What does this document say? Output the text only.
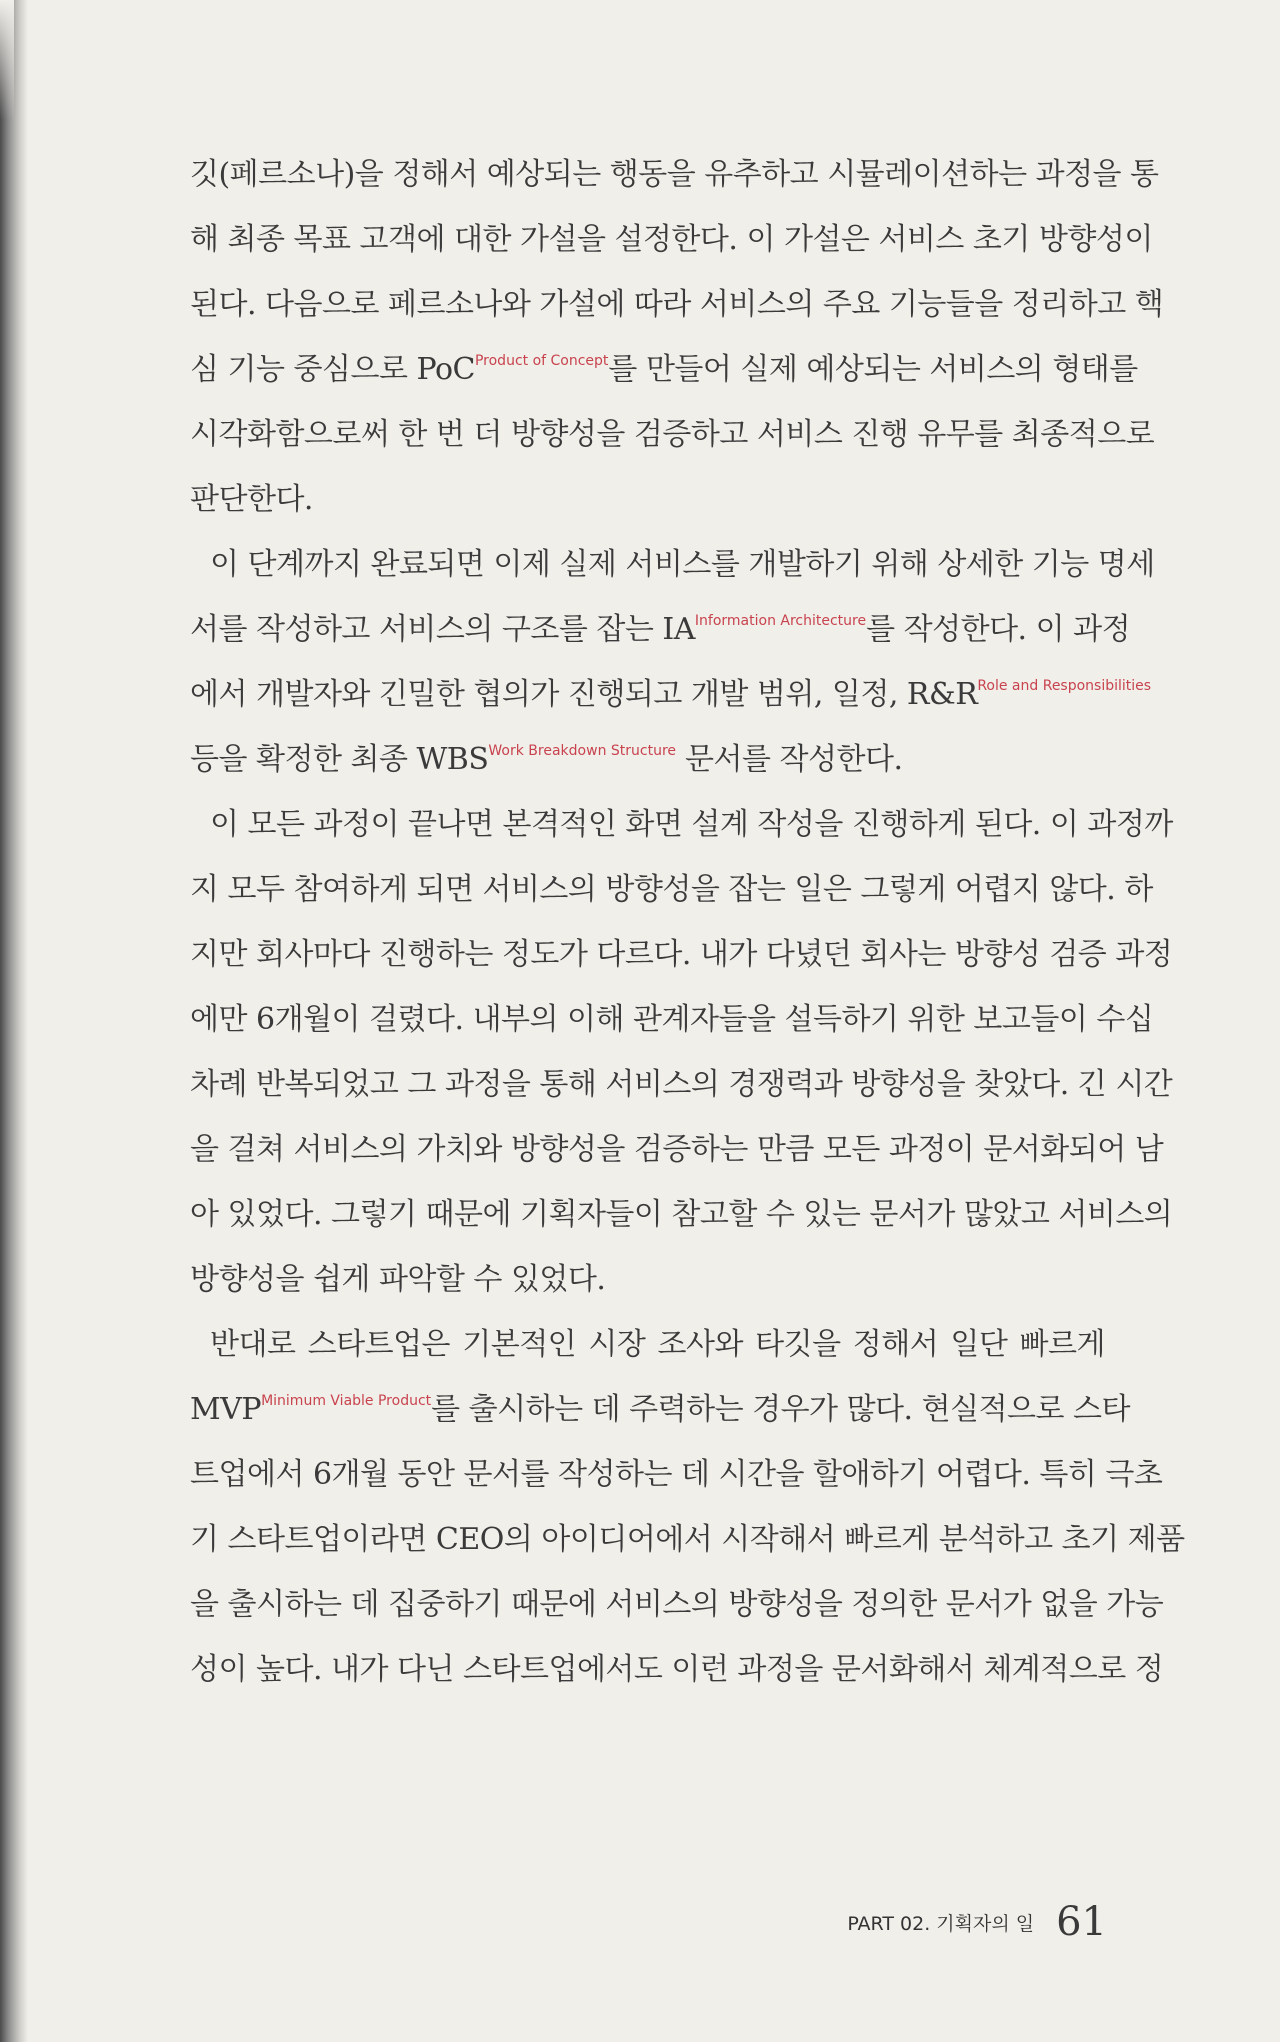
깃(페르소나)을 정해서 예상되는 행동을 유추하고 시뮬레이션하는 과정을 통
해 최종 목표 고객에 대한 가설을 설정한다. 이 가설은 서비스 초기 방향성이
된다. 다음으로 페르소나와 가설에 따라 서비스의 주요 기능들을 정리하고 핵
심 기능 중심으로 PoC$^{Product of Concept}$를 만들어 실제 예상되는 서비스의 형태를
시각화함으로써 한 번 더 방향성을 검증하고 서비스 진행 유무를 최종적으로
판단한다.
이 단계까지 완료되면 이제 실제 서비스를 개발하기 위해 상세한 기능 명세
서를 작성하고 서비스의 구조를 잡는 IA$^{Information Architecture}$를 작성한다. 이 과정
에서 개발자와 긴밀한 협의가 진행되고 개발 범위, 일정, R&R$^{Role and Responsibilities}$
등을 확정한 최종 WBS$^{Work Breakdown Structure}$ 문서를 작성한다.
이 모든 과정이 끝나면 본격적인 화면 설계 작성을 진행하게 된다. 이 과정까
지 모두 참여하게 되면 서비스의 방향성을 잡는 일은 그렇게 어렵지 않다. 하
지만 회사마다 진행하는 정도가 다르다. 내가 다녔던 회사는 방향성 검증 과정
에만 6개월이 걸렸다. 내부의 이해 관계자들을 설득하기 위한 보고들이 수십
차례 반복되었고 그 과정을 통해 서비스의 경쟁력과 방향성을 찾았다. 긴 시간
을 걸쳐 서비스의 가치와 방향성을 검증하는 만큼 모든 과정이 문서화되어 남
아 있었다. 그렇기 때문에 기획자들이 참고할 수 있는 문서가 많았고 서비스의
방향성을 쉽게 파악할 수 있었다.
반대로 스타트업은 기본적인 시장 조사와 타깃을 정해서 일단 빠르게
MVP$^{Minimum Viable Product}$를 출시하는 데 주력하는 경우가 많다. 현실적으로 스타
트업에서 6개월 동안 문서를 작성하는 데 시간을 할애하기 어렵다. 특히 극초
기 스타트업이라면 CEO의 아이디어에서 시작해서 빠르게 분석하고 초기 제품
을 출시하는 데 집중하기 때문에 서비스의 방향성을 정의한 문서가 없을 가능
성이 높다. 내가 다닌 스타트업에서도 이런 과정을 문서화해서 체계적으로 정
PART 02. 기획자의 일 61
